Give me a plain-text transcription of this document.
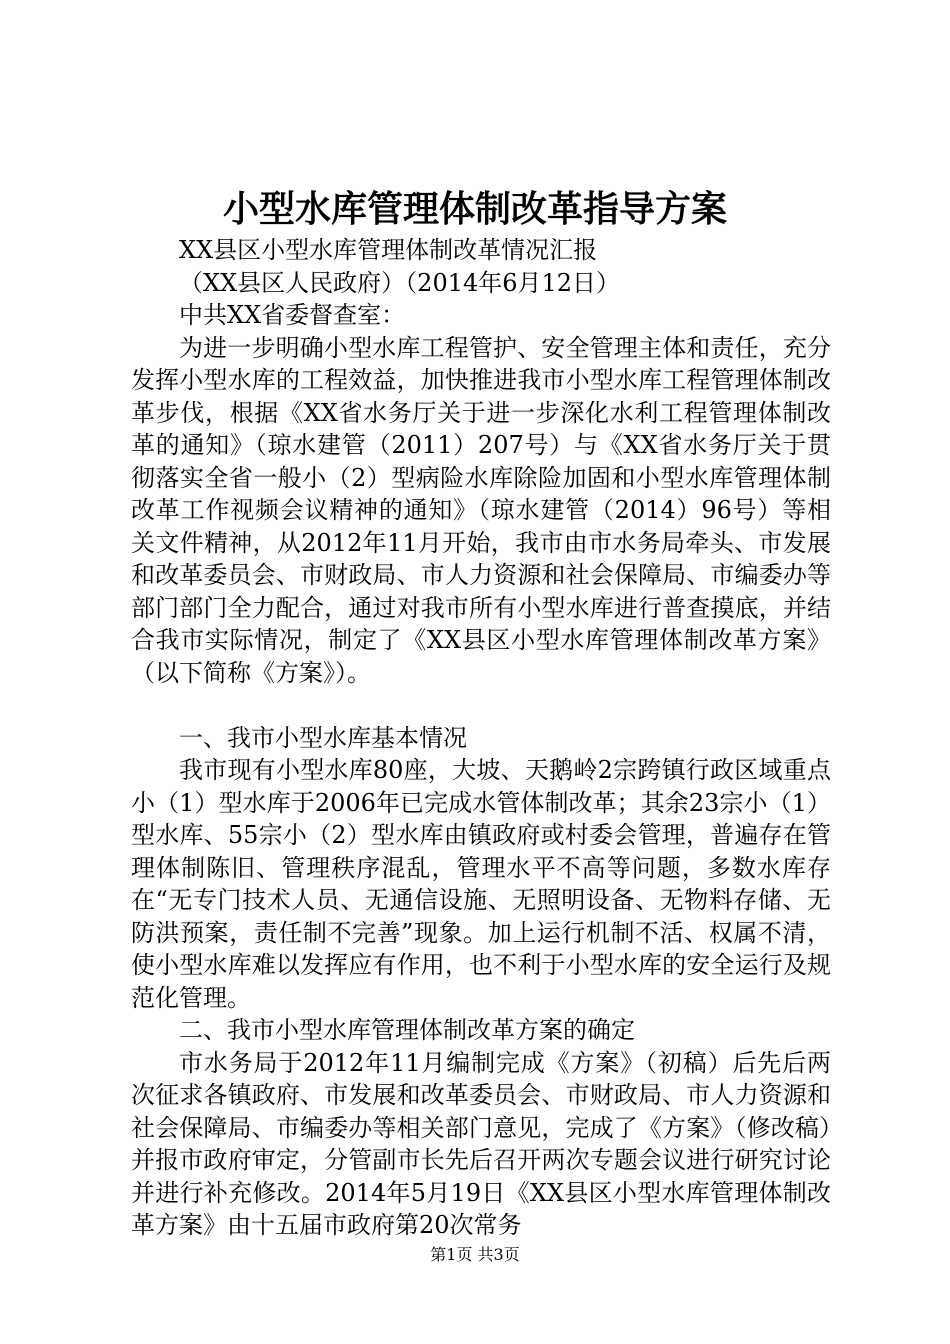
小型水库管理体制改革指导方案

XX县区小型水库管理体制改革情况汇报

（XX县区人民政府）（2014年6月12日）

中共XX省委督查室：

为进一步明确小型水库工程管护、安全管理主体和责任，充分发挥小型水库的工程效益，加快推进我市小型水库工程管理体制改革步伐，根据《XX省水务厅关于进一步深化水利工程管理体制改革的通知》（琼水建管（2011）207号）与《XX省水务厅关于贯彻落实全省一般小（2）型病险水库除险加固和小型水库管理体制改革工作视频会议精神的通知》（琼水建管（2014）96号）等相关文件精神，从2012年11月开始，我市由市水务局牵头、市发展和改革委员会、市财政局、市人力资源和社会保障局、市编委办等部门部门全力配合，通过对我市所有小型水库进行普查摸底，并结合我市实际情况，制定了《XX县区小型水库管理体制改革方案》（以下简称《方案》）。

一、我市小型水库基本情况

我市现有小型水库80座，大坡、天鹅岭2宗跨镇行政区域重点小（1）型水库于2006年已完成水管体制改革；其余23宗小（1）型水库、55宗小（2）型水库由镇政府或村委会管理，普遍存在管理体制陈旧、管理秩序混乱，管理水平不高等问题，多数水库存在“无专门技术人员、无通信设施、无照明设备、无物料存储、无防洪预案，责任制不完善”现象。加上运行机制不活、权属不清，使小型水库难以发挥应有作用，也不利于小型水库的安全运行及规范化管理。

二、我市小型水库管理体制改革方案的确定

市水务局于2012年11月编制完成《方案》（初稿）后先后两次征求各镇政府、市发展和改革委员会、市财政局、市人力资源和社会保障局、市编委办等相关部门意见，完成了《方案》（修改稿）并报市政府审定，分管副市长先后召开两次专题会议进行研究讨论并进行补充修改。2014年5月19日《XX县区小型水库管理体制改革方案》由十五届市政府第20次常务

第1页 共3页
